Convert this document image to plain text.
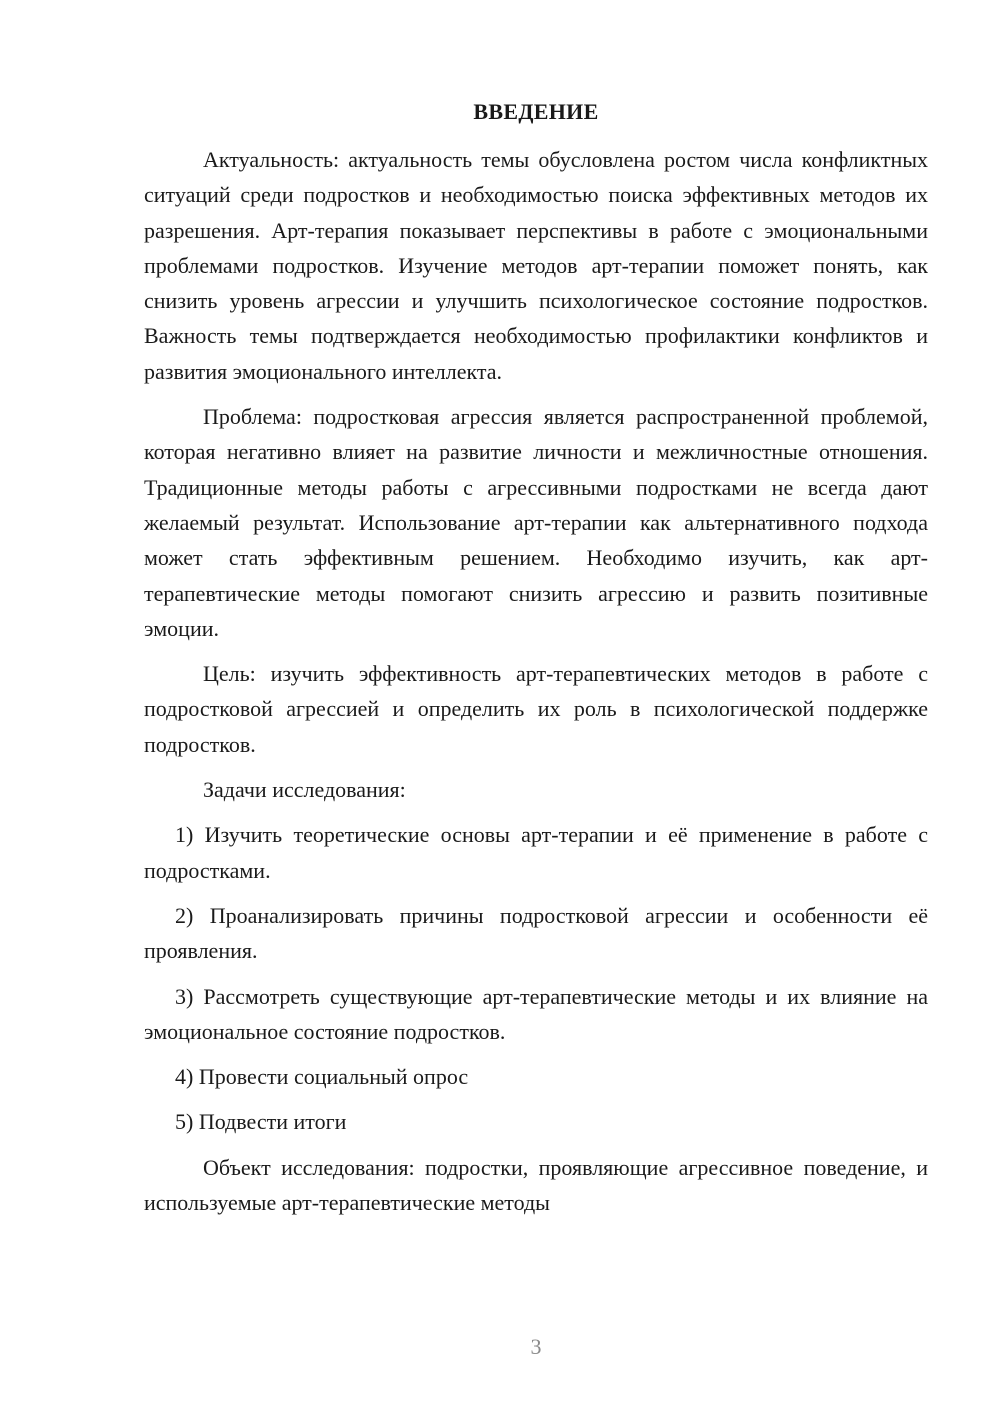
ВВЕДЕНИЕ

Актуальность: актуальность темы обусловлена ростом числа конфликтных ситуаций среди подростков и необходимостью поиска эффективных методов их разрешения. Арт-терапия показывает перспективы в работе с эмоциональными проблемами подростков. Изучение методов арт-терапии поможет понять, как снизить уровень агрессии и улучшить психологическое состояние подростков. Важность темы подтверждается необходимостью профилактики конфликтов и развития эмоционального интеллекта.

Проблема: подростковая агрессия является распространенной проблемой, которая негативно влияет на развитие личности и межличностные отношения. Традиционные методы работы с агрессивными подростками не всегда дают желаемый результат. Использование арт-терапии как альтернативного подхода может стать эффективным решением. Необходимо изучить, как арт-терапевтические методы помогают снизить агрессию и развить позитивные эмоции.

Цель: изучить эффективность арт-терапевтических методов в работе с подростковой агрессией и определить их роль в психологической поддержке подростков.

Задачи исследования:

1) Изучить теоретические основы арт-терапии и её применение в работе с подростками.

2) Проанализировать причины подростковой агрессии и особенности её проявления.

3) Рассмотреть существующие арт-терапевтические методы и их влияние на эмоциональное состояние подростков.

4) Провести социальный опрос

5) Подвести итоги

Объект исследования: подростки, проявляющие агрессивное поведение, и используемые арт-терапевтические методы

3
